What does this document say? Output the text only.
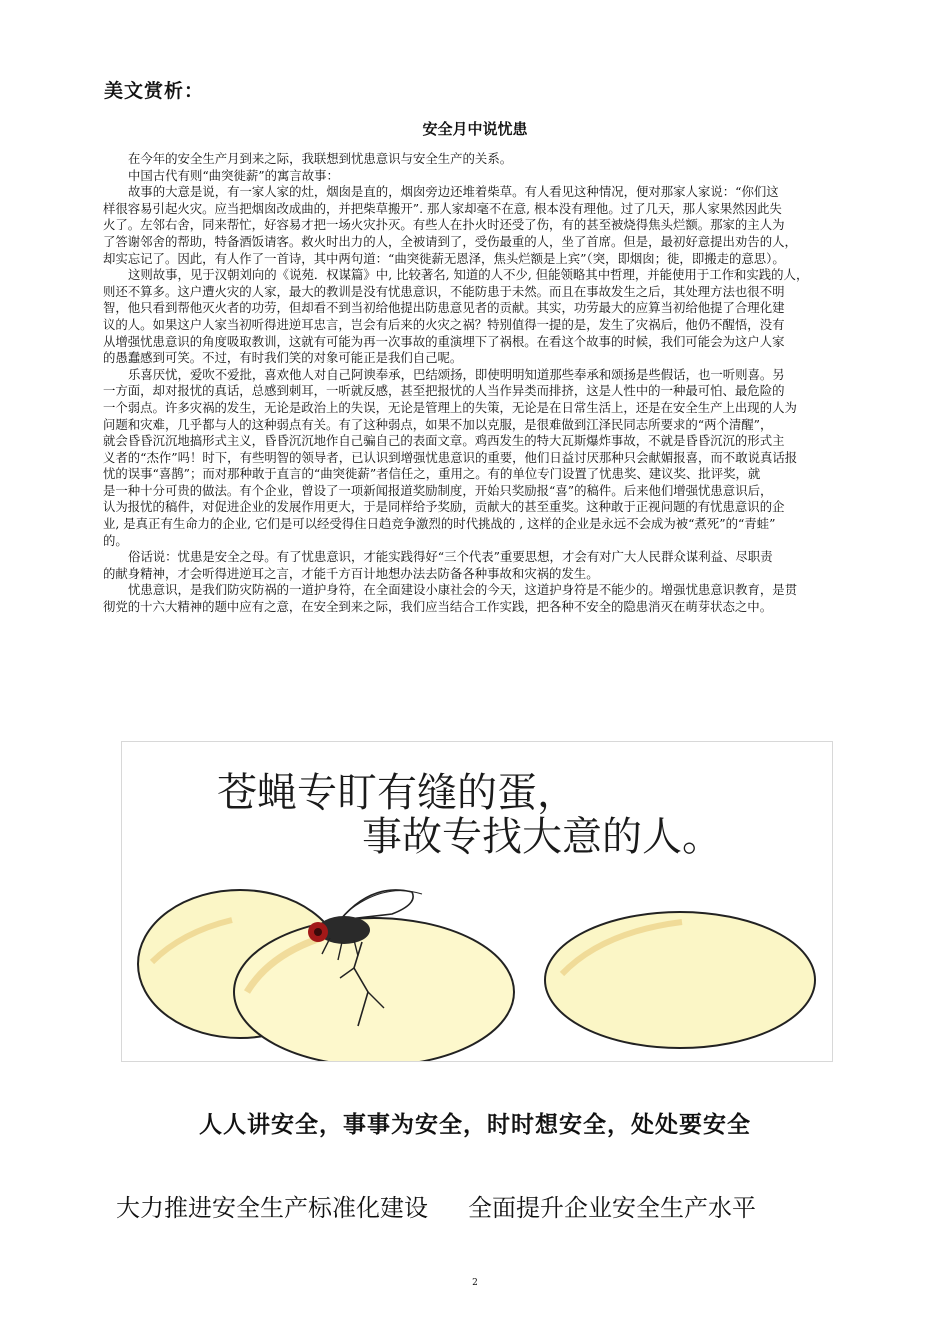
美文赏析：
安全月中说忧患
在今年的安全生产月到来之际，我联想到忧患意识与安全生产的关系。
中国古代有则“曲突徙薪”的寓言故事：
故事的大意是说，有一家人家的灶，烟囱是直的，烟囱旁边还堆着柴草。有人看见这种情况，便对那家人家说：“你们这
样很容易引起火灾。应当把烟囱改成曲的，并把柴草搬开”. 那人家却毫不在意, 根本没有理他。过了几天，那人家果然因此失
火了。左邻右舍，同来帮忙，好容易才把一场火灾扑灭。有些人在扑火时还受了伤，有的甚至被烧得焦头烂额。那家的主人为
了答谢邻舍的帮助，特备酒饭请客。救火时出力的人，全被请到了，受伤最重的人，坐了首席。但是，最初好意提出劝告的人，
却实忘记了。因此，有人作了一首诗，其中两句道：“曲突徙薪无恩泽，焦头烂额是上宾”（突，即烟囱；徙，即搬走的意思）。
这则故事，见于汉朝刘向的《说苑．权谋篇》中, 比较著名, 知道的人不少, 但能领略其中哲理，并能使用于工作和实践的人，
则还不算多。这户遭火灾的人家，最大的教训是没有忧患意识，不能防患于未然。而且在事故发生之后，其处理方法也很不明
智，他只看到帮他灭火者的功劳，但却看不到当初给他提出防患意见者的贡献。其实，功劳最大的应算当初给他提了合理化建
议的人。如果这户人家当初听得进逆耳忠言，岂会有后来的火灾之祸？特别值得一提的是，发生了灾祸后，他仍不醒悟，没有
从增强忧患意识的角度吸取教训，这就有可能为再一次事故的重演埋下了祸根。在看这个故事的时候，我们可能会为这户人家
的愚蠢感到可笑。不过，有时我们笑的对象可能正是我们自己呢。
乐喜厌忧，爱吹不爱批，喜欢他人对自己阿谀奉承，巴结颂扬，即使明明知道那些奉承和颂扬是些假话，也一听则喜。另
一方面，却对报忧的真话，总感到刺耳，一听就反感，甚至把报忧的人当作异类而排挤，这是人性中的一种最可怕、最危险的
一个弱点。许多灾祸的发生，无论是政治上的失误，无论是管理上的失策，无论是在日常生活上，还是在安全生产上出现的人为
问题和灾难，几乎都与人的这种弱点有关。有了这种弱点，如果不加以克服，是很难做到江泽民同志所要求的“两个清醒”，
就会昏昏沉沉地搞形式主义，昏昏沉沉地作自己骗自己的表面文章。鸡西发生的特大瓦斯爆炸事故，不就是昏昏沉沉的形式主
义者的“杰作”吗！时下，有些明智的领导者，已认识到增强忧患意识的重要，他们日益讨厌那种只会献媚报喜，而不敢说真话报
忧的误事“喜鹊”；而对那种敢于直言的“曲突徙薪”者信任之，重用之。有的单位专门设置了忧患奖、建议奖、批评奖，就
是一种十分可贵的做法。有个企业，曾设了一项新闻报道奖励制度，开始只奖励报“喜”的稿件。后来他们增强忧患意识后，
认为报忧的稿件，对促进企业的发展作用更大，于是同样给予奖励，贡献大的甚至重奖。这种敢于正视问题的有忧患意识的企
业, 是真正有生命力的企业, 它们是可以经受得住日趋竞争激烈的时代挑战的 , 这样的企业是永远不会成为被“煮死”的“青蛙”
的。
俗话说：忧患是安全之母。有了忧患意识，才能实践得好“三个代表”重要思想，才会有对广大人民群众谋利益、尽职责
的献身精神，才会听得进逆耳之言，才能千方百计地想办法去防备各种事故和灾祸的发生。
忧患意识，是我们防灾防祸的一道护身符，在全面建设小康社会的今天，这道护身符是不能少的。增强忧患意识教育，是贯
彻党的十六大精神的题中应有之意，在安全到来之际，我们应当结合工作实践，把各种不安全的隐患消灭在萌芽状态之中。
苍蝇专盯有缝的蛋，
事故专找大意的人。
人人讲安全，事事为安全，时时想安全，处处要安全
大力推进安全生产标准化建设 全面提升企业安全生产水平
2
